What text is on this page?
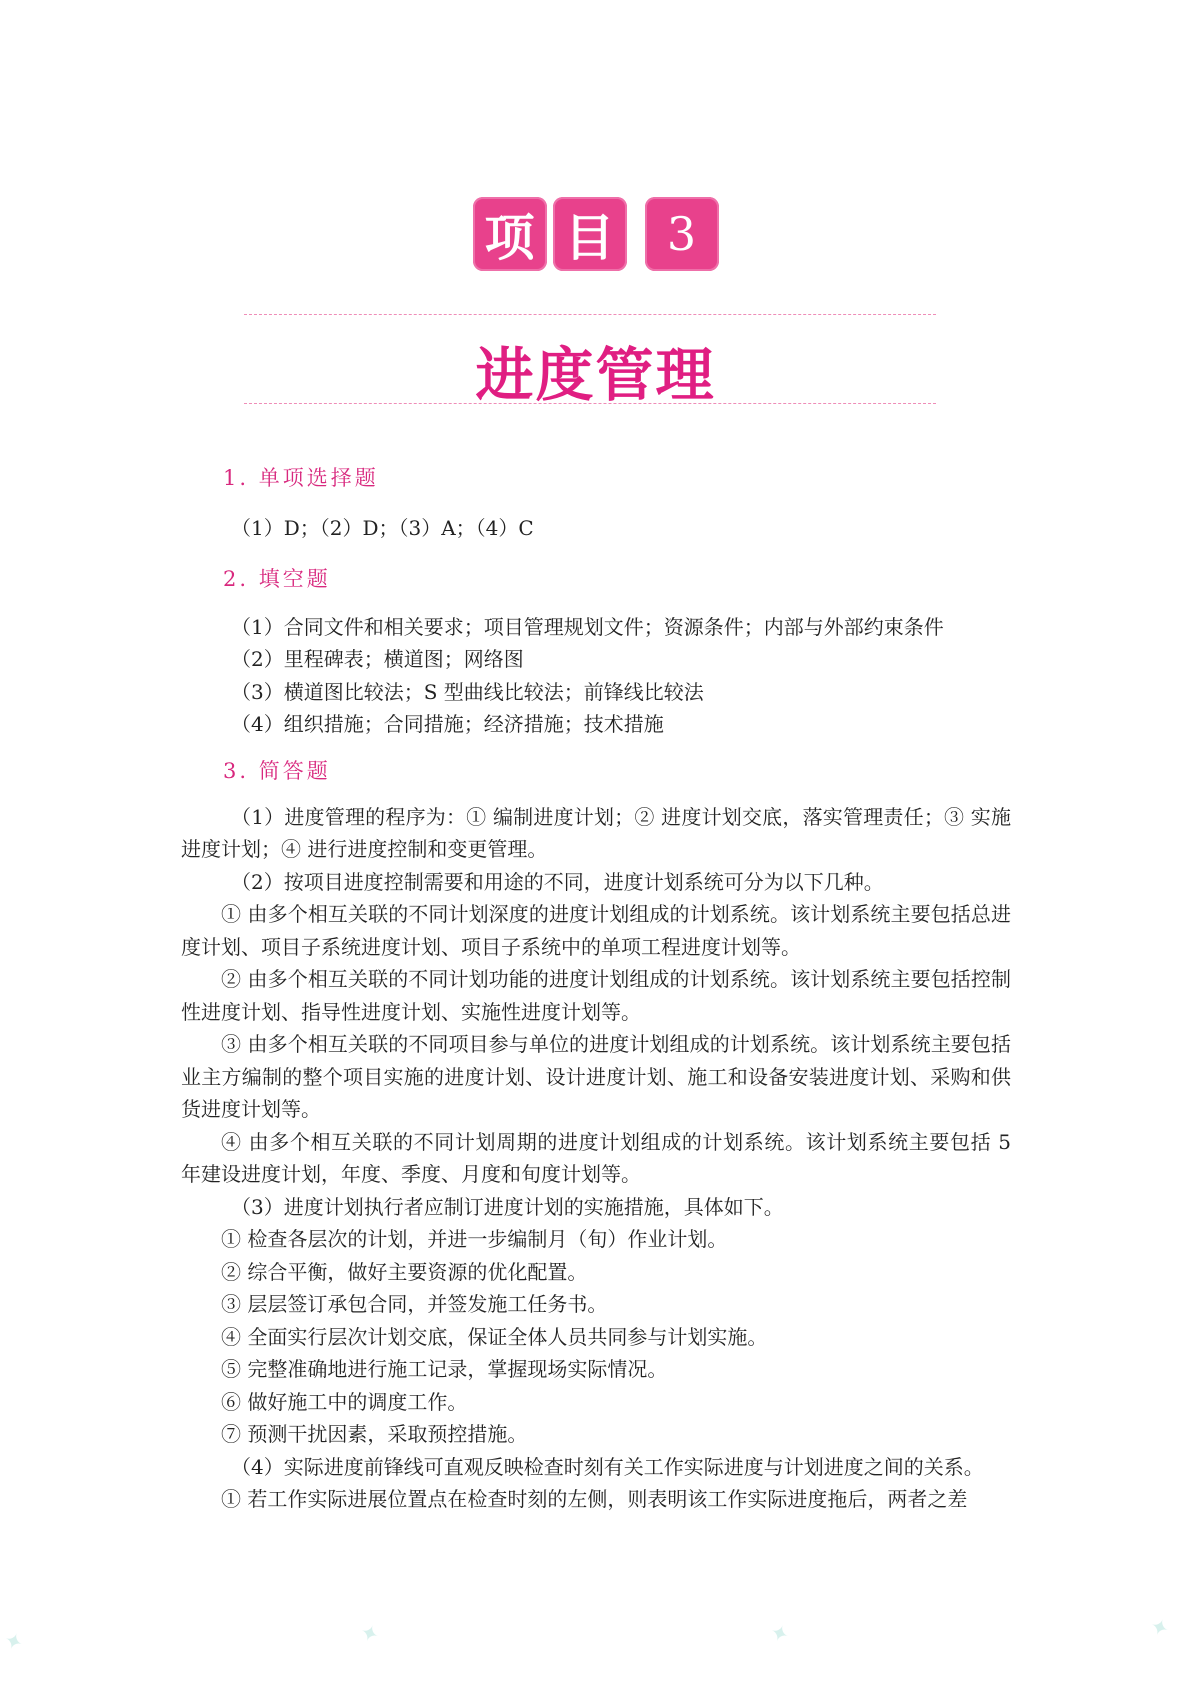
项 目	3
进度管理
1. 单项选择题
（1）D；（2）D；（3）A；（4）C
2. 填空题
（1）合同文件和相关要求；项目管理规划文件；资源条件；内部与外部约束条件
（2）里程碑表；横道图；网络图
（3）横道图比较法；S 型曲线比较法；前锋线比较法
（4）组织措施；合同措施；经济措施；技术措施
3. 简答题
（1）进度管理的程序为：① 编制进度计划；② 进度计划交底，落实管理责任；③ 实施进度计划；④ 进行进度控制和变更管理。
（2）按项目进度控制需要和用途的不同，进度计划系统可分为以下几种。
① 由多个相互关联的不同计划深度的进度计划组成的计划系统。该计划系统主要包括总进度计划、项目子系统进度计划、项目子系统中的单项工程进度计划等。
② 由多个相互关联的不同计划功能的进度计划组成的计划系统。该计划系统主要包括控制性进度计划、指导性进度计划、实施性进度计划等。
③ 由多个相互关联的不同项目参与单位的进度计划组成的计划系统。该计划系统主要包括业主方编制的整个项目实施的进度计划、设计进度计划、施工和设备安装进度计划、采购和供货进度计划等。
④ 由多个相互关联的不同计划周期的进度计划组成的计划系统。该计划系统主要包括 5 年建设进度计划，年度、季度、月度和旬度计划等。
（3）进度计划执行者应制订进度计划的实施措施，具体如下。
① 检查各层次的计划，并进一步编制月（旬）作业计划。
② 综合平衡，做好主要资源的优化配置。
③ 层层签订承包合同，并签发施工任务书。
④ 全面实行层次计划交底，保证全体人员共同参与计划实施。
⑤ 完整准确地进行施工记录，掌握现场实际情况。
⑥ 做好施工中的调度工作。
⑦ 预测干扰因素，采取预控措施。
（4）实际进度前锋线可直观反映检查时刻有关工作实际进度与计划进度之间的关系。
① 若工作实际进展位置点在检查时刻的左侧，则表明该工作实际进度拖后，两者之差
✦	✦	✦	✦
